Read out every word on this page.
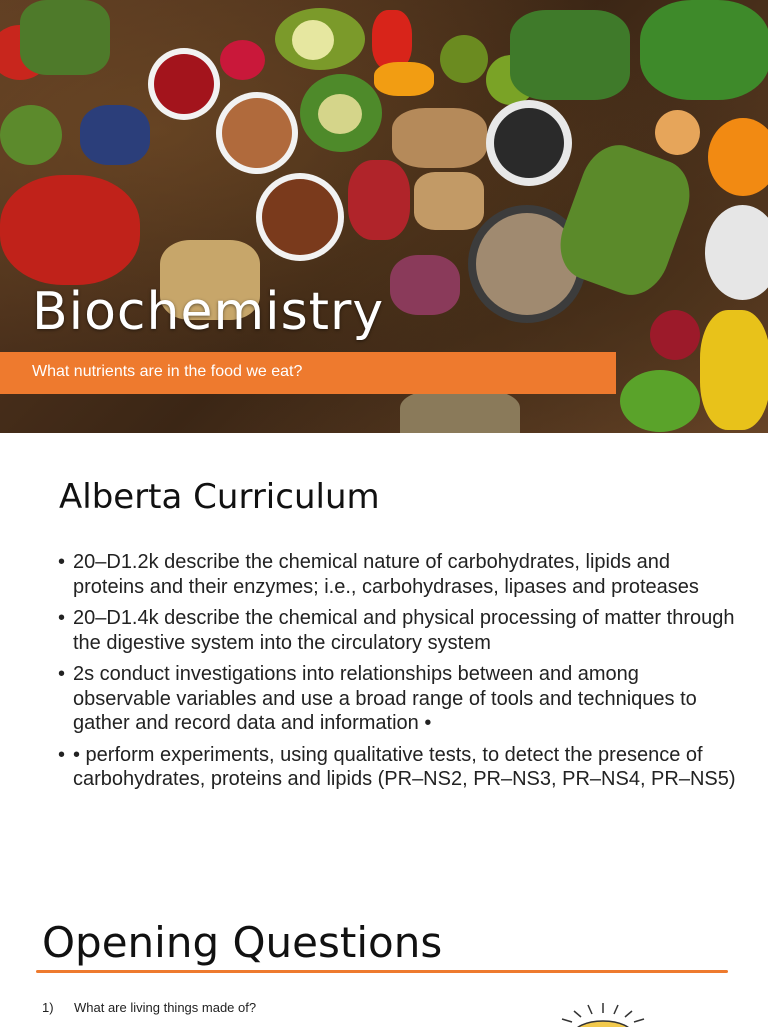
Biochemistry
What nutrients are in the food we eat?
Alberta Curriculum
• 20–D1.2k describe the chemical nature of carbohydrates, lipids and proteins and their enzymes; i.e., carbohydrases, lipases and proteases
• 20–D1.4k describe the chemical and physical processing of matter through the digestive system into the circulatory system
• 2s conduct investigations into relationships between and among observable variables and use a broad range of tools and techniques to gather and record data and information •
• • perform experiments, using qualitative tests, to detect the presence of carbohydrates, proteins and lipids (PR–NS2, PR–NS3, PR–NS4, PR–NS5)
Opening Questions
1) What are living things made of?
